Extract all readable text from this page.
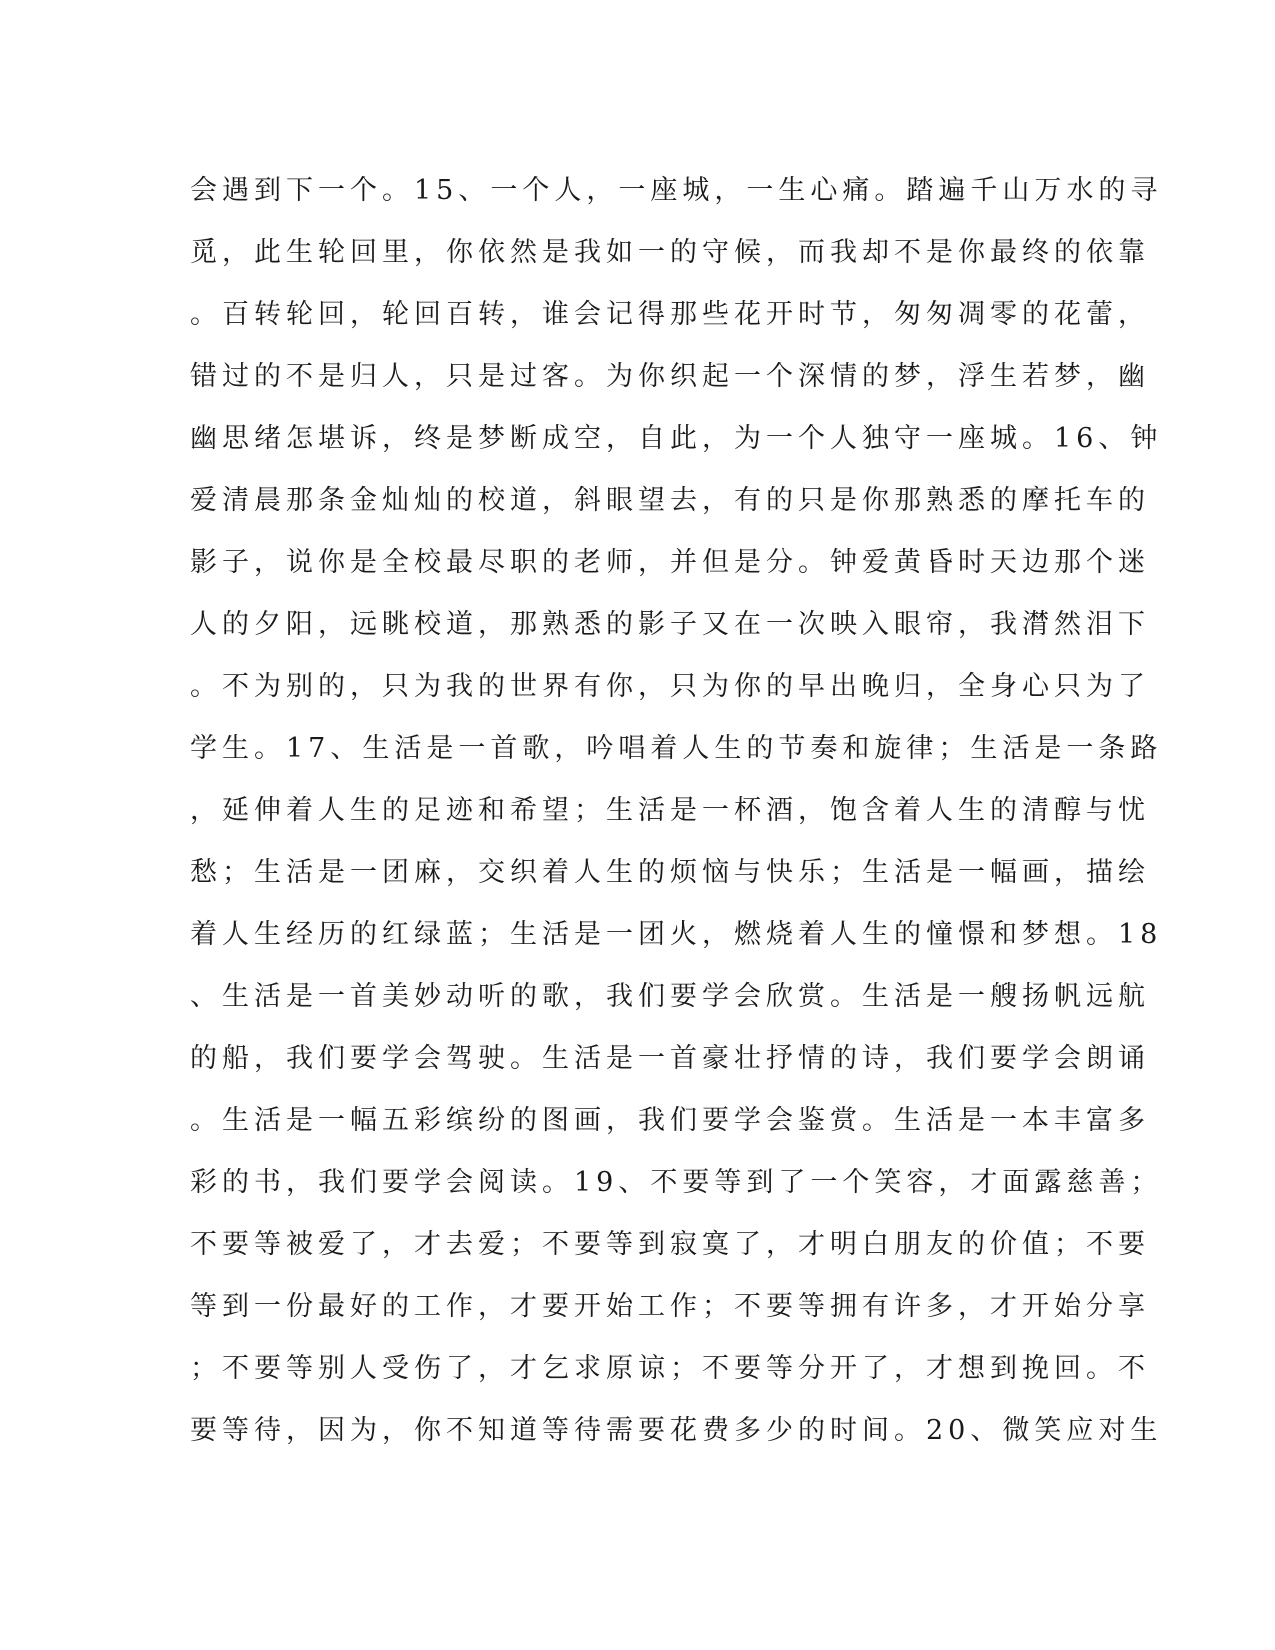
会遇到下一个。15、一个人，一座城，一生心痛。踏遍千山万水的寻
觅，此生轮回里，你依然是我如一的守候，而我却不是你最终的依靠
。百转轮回，轮回百转，谁会记得那些花开时节，匆匆凋零的花蕾，
错过的不是归人，只是过客。为你织起一个深情的梦，浮生若梦，幽
幽思绪怎堪诉，终是梦断成空，自此，为一个人独守一座城。16、钟
爱清晨那条金灿灿的校道，斜眼望去，有的只是你那熟悉的摩托车的
影子，说你是全校最尽职的老师，并但是分。钟爱黄昏时天边那个迷
人的夕阳，远眺校道，那熟悉的影子又在一次映入眼帘，我潸然泪下
。不为别的，只为我的世界有你，只为你的早出晚归，全身心只为了
学生。17、生活是一首歌，吟唱着人生的节奏和旋律；生活是一条路
，延伸着人生的足迹和希望；生活是一杯酒，饱含着人生的清醇与忧
愁；生活是一团麻，交织着人生的烦恼与快乐；生活是一幅画，描绘
着人生经历的红绿蓝；生活是一团火，燃烧着人生的憧憬和梦想。18
、生活是一首美妙动听的歌，我们要学会欣赏。生活是一艘扬帆远航
的船，我们要学会驾驶。生活是一首豪壮抒情的诗，我们要学会朗诵
。生活是一幅五彩缤纷的图画，我们要学会鉴赏。生活是一本丰富多
彩的书，我们要学会阅读。19、不要等到了一个笑容，才面露慈善；
不要等被爱了，才去爱；不要等到寂寞了，才明白朋友的价值；不要
等到一份最好的工作，才要开始工作；不要等拥有许多，才开始分享
；不要等别人受伤了，才乞求原谅；不要等分开了，才想到挽回。不
要等待，因为，你不知道等待需要花费多少的时间。20、微笑应对生
